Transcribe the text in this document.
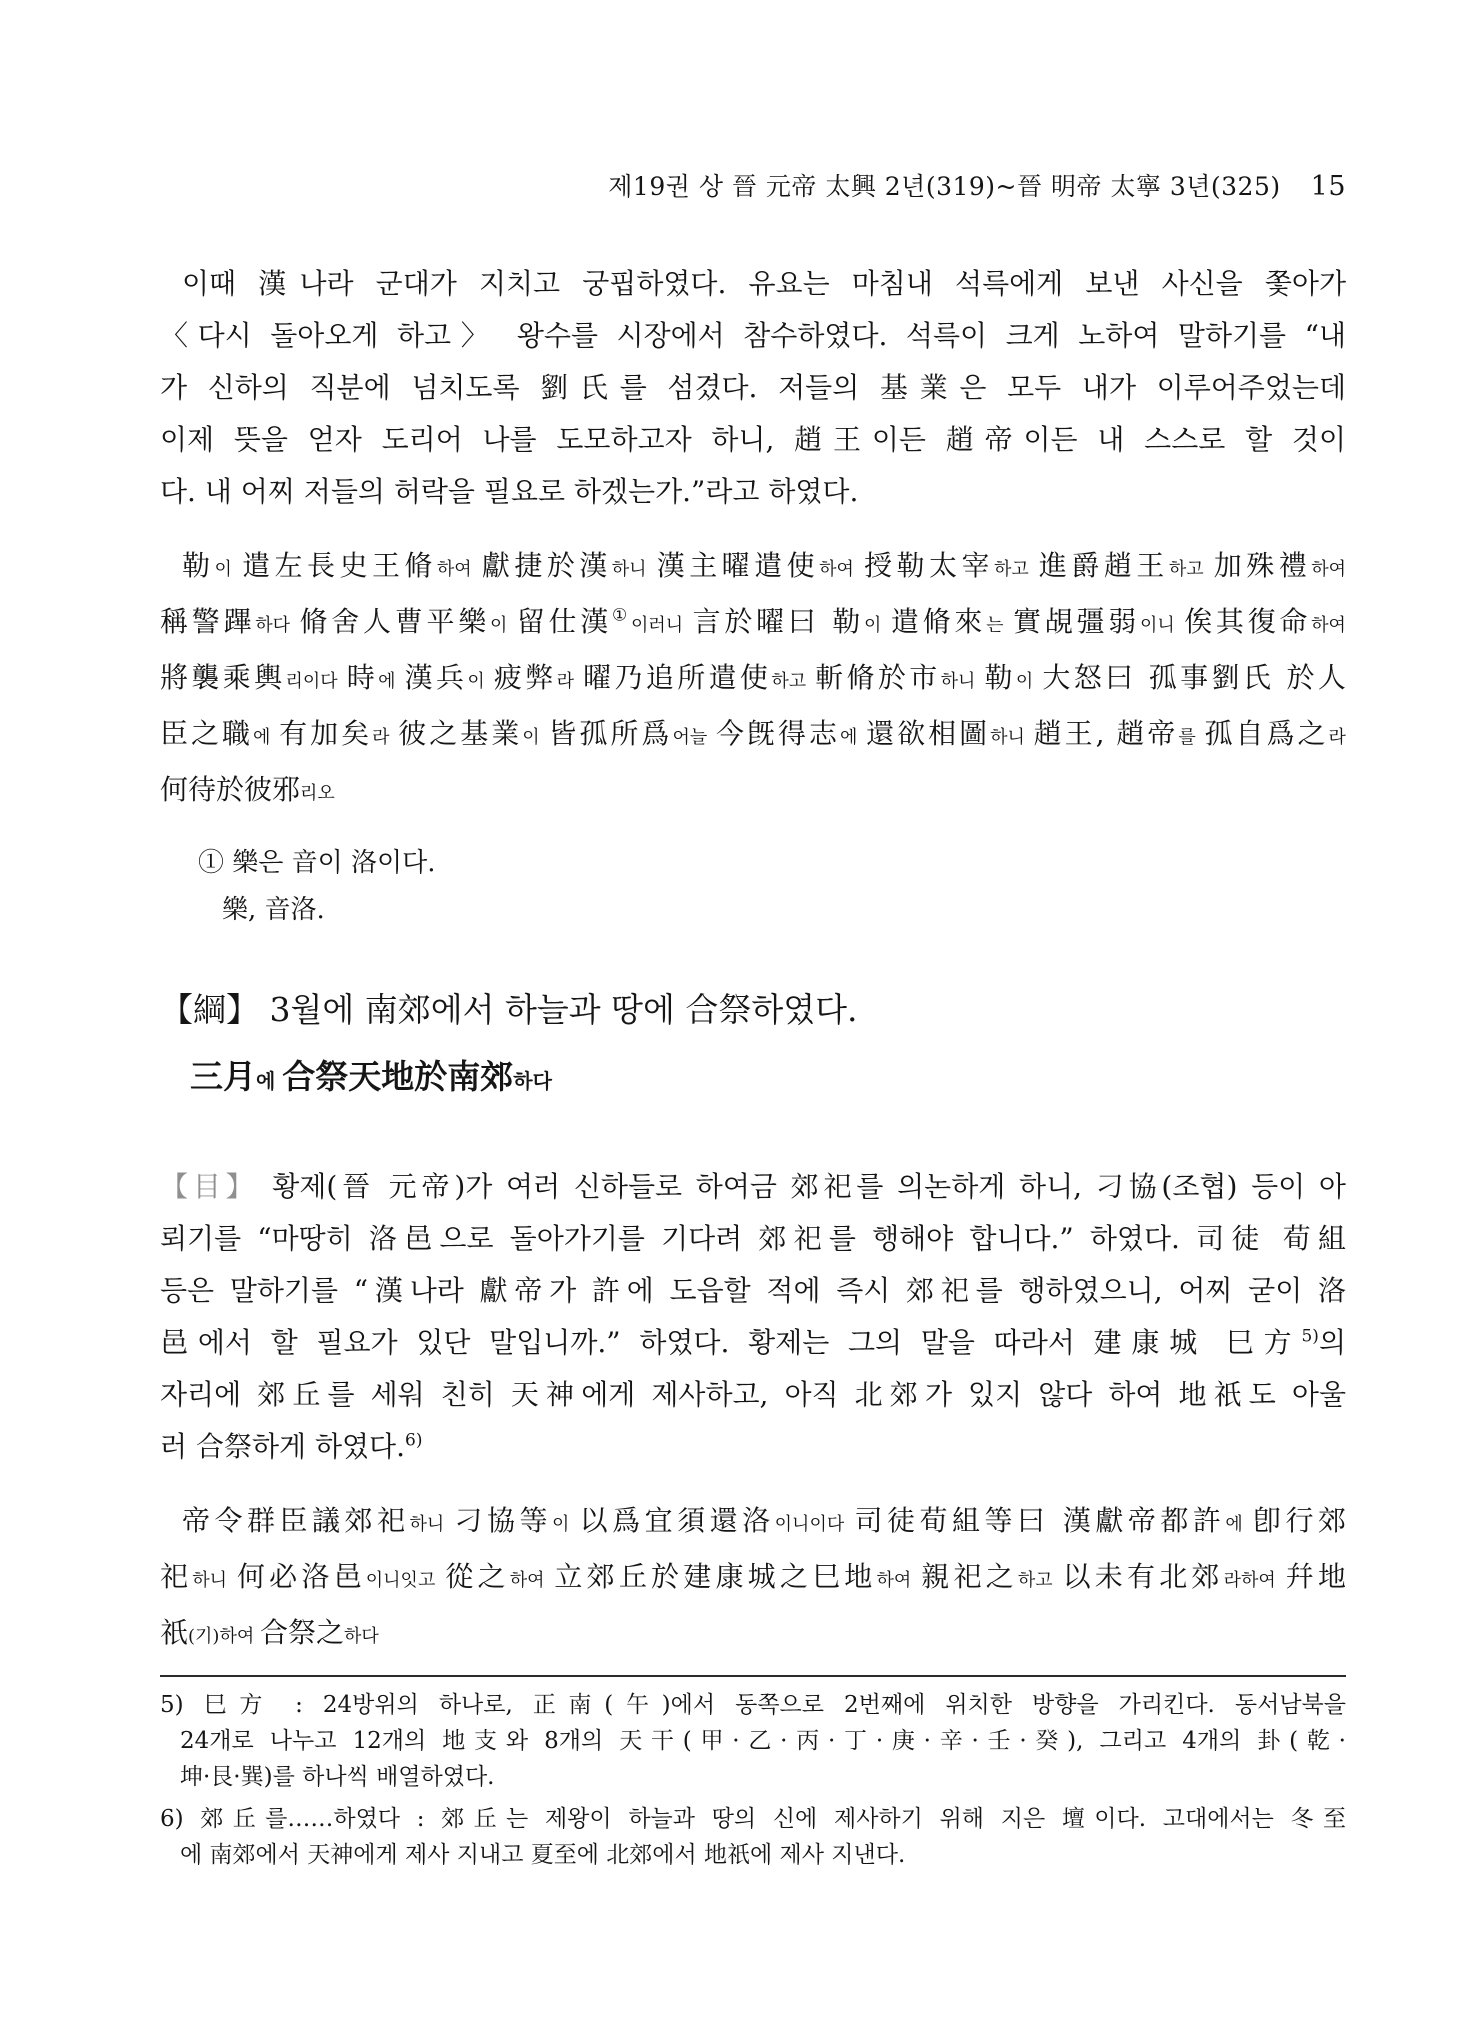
제19권 상 晉 元帝 太興 2년(319)~晉 明帝 太寧 3년(325) 15
이때 漢나라 군대가 지치고 궁핍하였다. 유요는 마침내 석륵에게 보낸 사신을 쫓아가
〈다시 돌아오게 하고〉 왕수를 시장에서 참수하였다. 석륵이 크게 노하여 말하기를 “내
가 신하의 직분에 넘치도록 劉氏를 섬겼다. 저들의 基業은 모두 내가 이루어주었는데
이제 뜻을 얻자 도리어 나를 도모하고자 하니, 趙王이든 趙帝이든 내 스스로 할 것이
다. 내 어찌 저들의 허락을 필요로 하겠는가.”라고 하였다.
勒이 遣左長史王脩하여 獻捷於漢하니 漢主曜遣使하여 授勒太宰하고 進爵趙王하고 加殊禮하여
稱警蹕하다 脩舍人曹平樂이 留仕漢①이러니 言於曜曰 勒이 遣脩來는 實覘彊弱이니 俟其復命하여
將襲乘輿리이다 時에 漢兵이 疲弊라 曜乃追所遣使하고 斬脩於市하니 勒이 大怒曰 孤事劉氏 於人
臣之職에 有加矣라 彼之基業이 皆孤所爲어늘 今旣得志에 還欲相圖하니 趙王, 趙帝를 孤自爲之라
何待於彼邪리오
① 樂은 音이 洛이다.
樂, 音洛.
【綱】 3월에 南郊에서 하늘과 땅에 合祭하였다.
三月에 合祭天地於南郊하다
【目】 황제(晉 元帝)가 여러 신하들로 하여금 郊祀를 의논하게 하니, 刁協(조협) 등이 아
뢰기를 “마땅히 洛邑으로 돌아가기를 기다려 郊祀를 행해야 합니다.” 하였다. 司徒 荀組
등은 말하기를 “漢나라 獻帝가 許에 도읍할 적에 즉시 郊祀를 행하였으니, 어찌 굳이 洛
邑에서 할 필요가 있단 말입니까.” 하였다. 황제는 그의 말을 따라서 建康城 巳方$^{5)}$의
자리에 郊丘를 세워 친히 天神에게 제사하고, 아직 北郊가 있지 않다 하여 地祇도 아울
러 合祭하게 하였다.$^{6)}$
帝令群臣議郊祀하니 刁協等이 以爲宜須還洛이니이다 司徒荀組等曰 漢獻帝都許에 卽行郊
祀하니 何必洛邑이니잇고 從之하여 立郊丘於建康城之巳地하여 親祀之하고 以未有北郊라하여 幷地
祇(기)하여 合祭之하다
5) 巳方 : 24방위의 하나로, 正南(午)에서 동쪽으로 2번째에 위치한 방향을 가리킨다. 동서남북을
24개로 나누고 12개의 地支와 8개의 天干(甲·乙·丙·丁·庚·辛·壬·癸), 그리고 4개의 卦(乾·
坤·艮·巽)를 하나씩 배열하였다.
6) 郊丘를……하였다 : 郊丘는 제왕이 하늘과 땅의 신에 제사하기 위해 지은 壇이다. 고대에서는 冬至
에 南郊에서 天神에게 제사 지내고 夏至에 北郊에서 地祇에 제사 지낸다.
